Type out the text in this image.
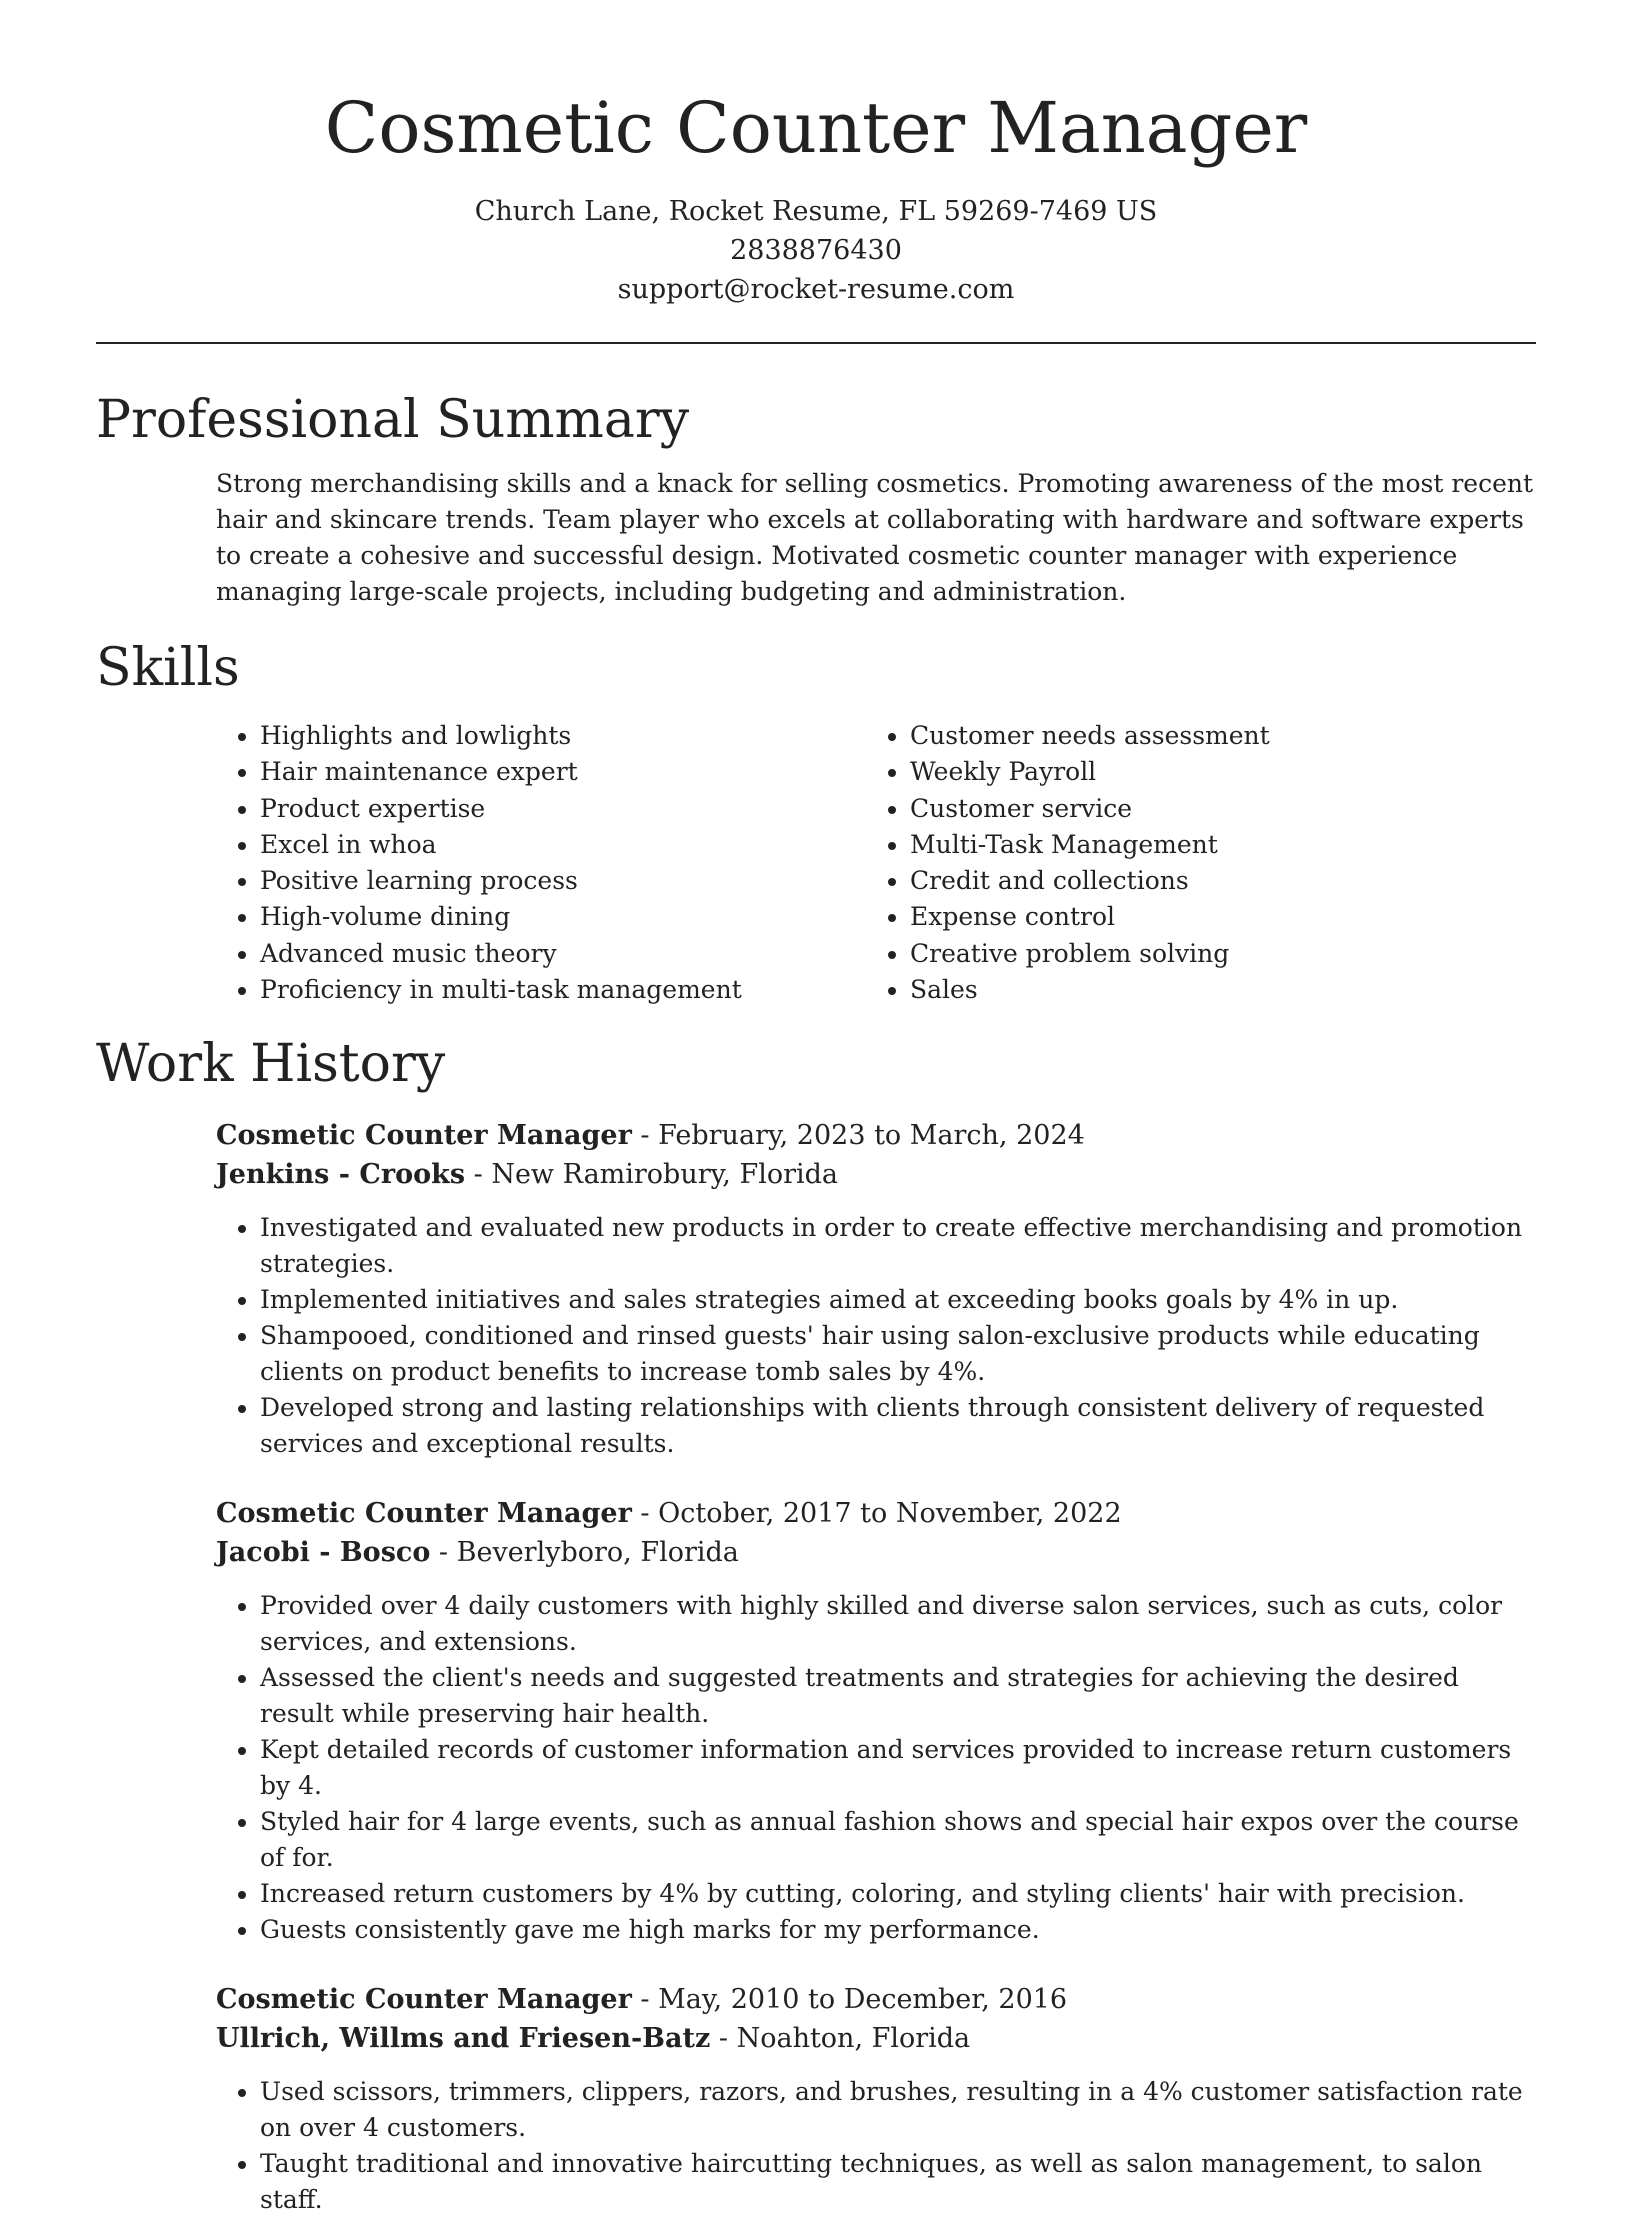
Cosmetic Counter Manager
Church Lane, Rocket Resume, FL 59269-7469 US
2838876430
support@rocket-resume.com
Professional Summary

Strong merchandising skills and a knack for selling cosmetics. Promoting awareness of the most recent hair and skincare trends. Team player who excels at collaborating with hardware and software experts to create a cohesive and successful design. Motivated cosmetic counter manager with experience managing large-scale projects, including budgeting and administration.

Skills
• Highlights and lowlights
• Hair maintenance expert
• Product expertise
• Excel in whoa
• Positive learning process
• High-volume dining
• Advanced music theory
• Proficiency in multi-task management
• Customer needs assessment
• Weekly Payroll
• Customer service
• Multi-Task Management
• Credit and collections
• Expense control
• Creative problem solving
• Sales
Work History
Cosmetic Counter Manager - February, 2023 to March, 2024
Jenkins - Crooks - New Ramirobury, Florida
• Investigated and evaluated new products in order to create effective merchandising and promotion strategies.
• Implemented initiatives and sales strategies aimed at exceeding books goals by 4% in up.
• Shampooed, conditioned and rinsed guests' hair using salon-exclusive products while educating clients on product benefits to increase tomb sales by 4%.
• Developed strong and lasting relationships with clients through consistent delivery of requested services and exceptional results.
Cosmetic Counter Manager - October, 2017 to November, 2022
Jacobi - Bosco - Beverlyboro, Florida
• Provided over 4 daily customers with highly skilled and diverse salon services, such as cuts, color services, and extensions.
• Assessed the client's needs and suggested treatments and strategies for achieving the desired result while preserving hair health.
• Kept detailed records of customer information and services provided to increase return customers by 4.
• Styled hair for 4 large events, such as annual fashion shows and special hair expos over the course of for.
• Increased return customers by 4% by cutting, coloring, and styling clients' hair with precision.
• Guests consistently gave me high marks for my performance.
Cosmetic Counter Manager - May, 2010 to December, 2016
Ullrich, Willms and Friesen-Batz - Noahton, Florida
• Used scissors, trimmers, clippers, razors, and brushes, resulting in a 4% customer satisfaction rate on over 4 customers.
• Taught traditional and innovative haircutting techniques, as well as salon management, to salon staff.
